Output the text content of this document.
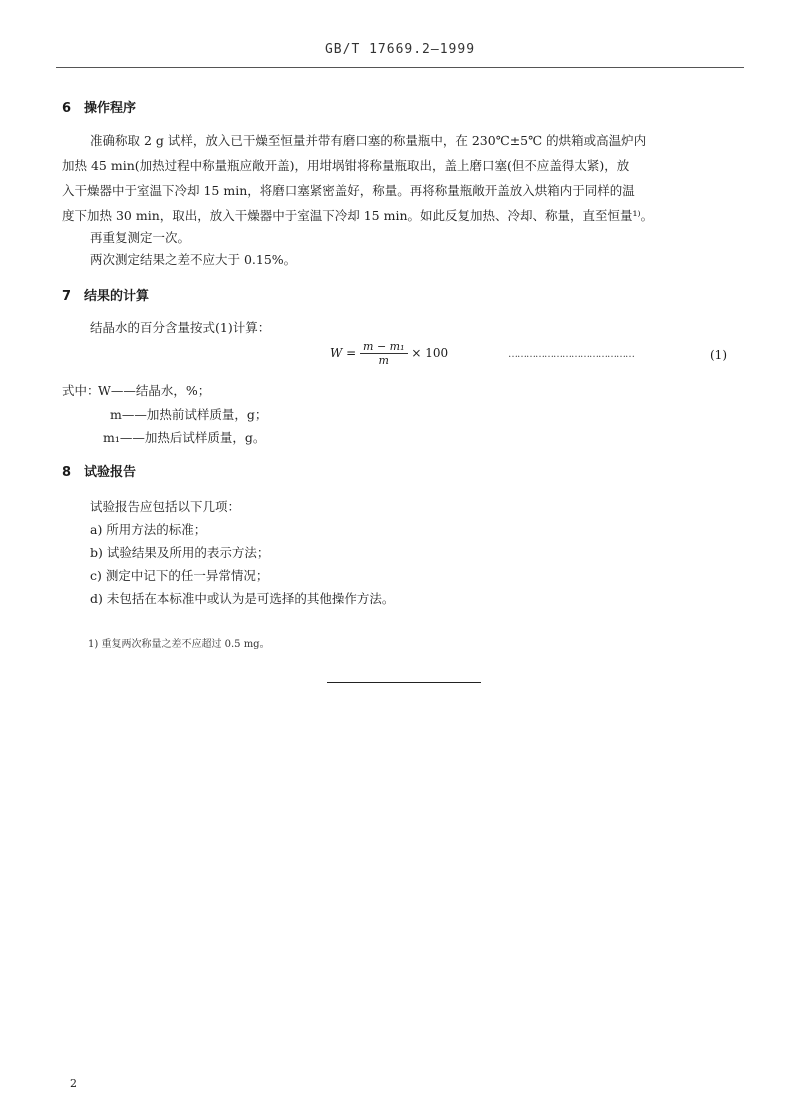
GB/T 17669.2—1999
6　操作程序
准确称取 2 g 试样，放入已干燥至恒量并带有磨口塞的称量瓶中，在 230℃±5℃ 的烘箱或高温炉内
加热 45 min(加热过程中称量瓶应敞开盖)，用坩埚钳将称量瓶取出，盖上磨口塞(但不应盖得太紧)，放
入干燥器中于室温下冷却 15 min，将磨口塞紧密盖好，称量。再将称量瓶敞开盖放入烘箱内于同样的温
度下加热 30 min，取出，放入干燥器中于室温下冷却 15 min。如此反复加热、冷却、称量，直至恒量¹⁾。
再重复测定一次。
两次测定结果之差不应大于 0.15%。
7　结果的计算
结晶水的百分含量按式(1)计算：
$W = \frac{\text{m − m₁}}{m} \times 100$	……………………………………	(1)
式中：
W——结晶水，%；
m——加热前试样质量，g；
m₁——加热后试样质量，g。
8　试验报告
试验报告应包括以下几项：
a) 所用方法的标准；
b) 试验结果及所用的表示方法；
c) 测定中记下的任一异常情况；
d) 未包括在本标准中或认为是可选择的其他操作方法。
1) 重复两次称量之差不应超过 0.5 mg。
2
